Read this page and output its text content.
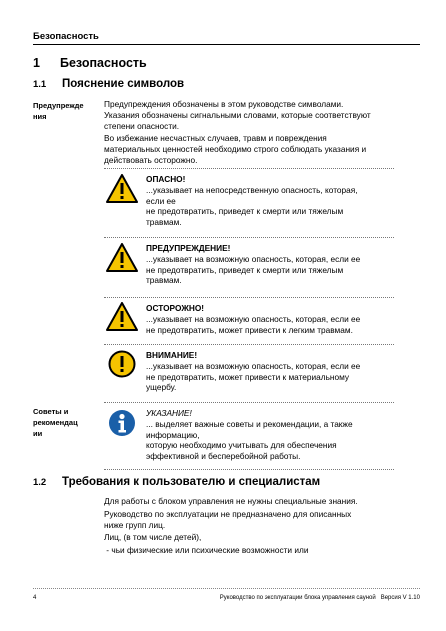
Безопасность
1	Безопасность
1.1	Пояснение символов
Предупрежде
ния
Предупреждения обозначены в этом руководстве символами.
Указания обозначены сигнальными словами, которые соответствуют
степени опасности.
Во избежание несчастных случаев, травм и повреждения
материальных ценностей необходимо строго соблюдать указания и
действовать осторожно.
ОПАСНО!
...указывает на непосредственную опасность, которая,
если ее
не предотвратить, приведет к смерти или тяжелым
травмам.
ПРЕДУПРЕЖДЕНИЕ!
...указывает на возможную опасность, которая, если ее
не предотвратить, приведет к смерти или тяжелым
травмам.
ОСТОРОЖНО!
...указывает на возможную опасность, которая, если ее
не предотвратить, может привести к легким травмам.
ВНИМАНИЕ!
...указывает на возможную опасность, которая, если ее
не предотвратить, может привести к материальному
ущербу.
Советы и
рекомендац
ии
УКАЗАНИЕ!
... выделяет важные советы и рекомендации, а также
информацию,
которую необходимо учитывать для обеспечения
эффективной и бесперебойной работы.
1.2	Требования к пользователю и специалистам
Для работы с блоком управления не нужны специальные знания.
Руководство по эксплуатации не предназначено для описанных
ниже групп лиц.
Лиц, (в том числе детей),
- чьи физические или психические возможности или
4	Руководство по эксплуатации блока управления сауной   Версия V 1.10
